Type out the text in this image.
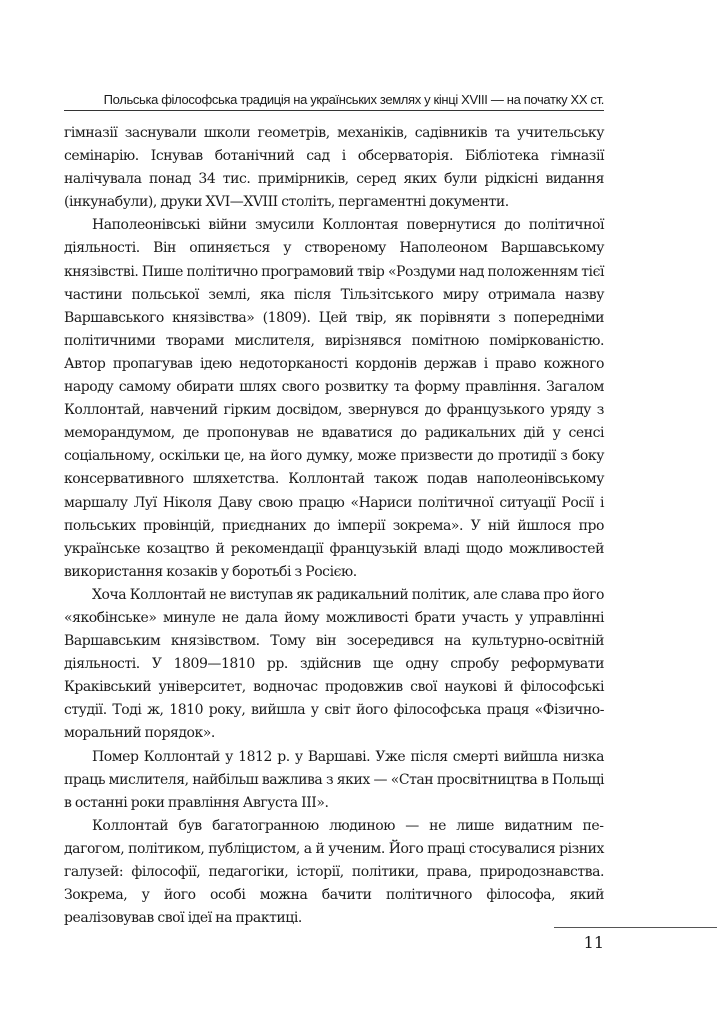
Польська філософська традиція на українських землях у кінці XVIII — на початку XX ст.

гімназії заснували школи геометрів, механіків, садівників та учительську семінарію. Існував ботанічний сад і обсерваторія. Бібліотека гімназії налічувала понад 34 тис. примірників, серед яких були рідкісні видання (інкунабули), друки XVI—XVIII століть, пергаментні документи.

Наполеонівські війни змусили Коллонтая повернутися до політичної діяльності. Він опиняється у створеному Наполеоном Варшавському князівстві. Пише політично програмовий твір «Роздуми над положенням тієї частини польської землі, яка після Тільзітського миру отримала назву Варшавського князівства» (1809). Цей твір, як порівняти з попередніми політичними творами мислителя, вирізнявся помітною поміркованістю. Автор пропагував ідею недоторканості кордонів держав і право кожного народу самому обирати шлях свого розвитку та форму правління. Загалом Коллонтай, навчений гірким досвідом, звернувся до французького уряду з меморандумом, де пропонував не вдаватися до радикальних дій у сенсі соціальному, оскільки це, на його думку, може призвести до протидії з боку консервативного шляхетства. Коллонтай також подав наполеонівському маршалу Луї Ніколя Даву свою працю «Нариси політичної ситуації Росії і польських провінцій, приєднаних до імперії зокрема». У ній йшлося про українське козацтво й рекомендації французькій владі щодо можливостей використання козаків у боротьбі з Росією.

Хоча Коллонтай не виступав як радикальний політик, але слава про його «якобінське» минуле не дала йому можливості брати участь у управлінні Варшавським князівством. Тому він зосередився на культурно-освітній діяльності. У 1809—1810 рр. здійснив ще одну спробу реформувати Краківський університет, водночас продовжив свої наукові й філософські студії. Тоді ж, 1810 року, вийшла у світ його філософська праця «Фізично-моральний порядок».

Помер Коллонтай у 1812 р. у Варшаві. Уже після смерті вийшла низка праць мислителя, найбільш важлива з яких — «Стан просвітництва в Польщі в останні роки правління Августа III».

Коллонтай був багатогранною людиною — не лише видатним педагогом, політиком, публіцистом, а й ученим. Його праці стосувалися різних галузей: філософії, педагогіки, історії, політики, права, природознавства. Зокрема, у його особі можна бачити політичного філософа, який реалізовував свої ідеї на практиці.

11
